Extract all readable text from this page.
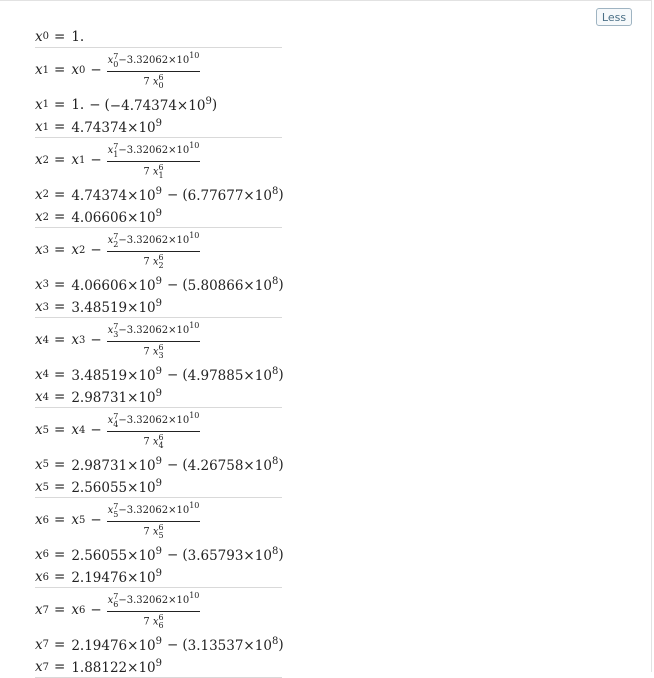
Less
x 0 = 1.
x 1 = x 0 − x 7
$0 -3.32062\times 10^{10}$
7 x 6
0
x 1 = 1. − ( $-4.74374\times 10^9$ )
x $1 = 4.74374\times 10^9$
x 2 = x 1 − x 7
$1 -3.32062\times 10^{10}$
7 x 6
1
x $2 = 4.74374\times 10^9$ − ( $6.77677\times 10^8$ )
x $2 = 4.06606\times 10^9$
x 3 = x 2 − x 7
$2 -3.32062\times 10^{10}$
7 x 6
2
x $3 = 4.06606\times 10^9$ − ( $5.80866\times 10^8$ )
x $3 = 3.48519\times 10^9$
x 4 = x 3 − x 7
$3 -3.32062\times 10^{10}$
7 x 6
3
x $4 = 3.48519\times 10^9$ − ( $4.97885\times 10^8$ )
x $4 = 2.98731\times 10^9$
x 5 = x 4 − x 7
$4 -3.32062\times 10^{10}$
7 x 6
4
x $5 = 2.98731\times 10^9$ − ( $4.26758\times 10^8$ )
x $5 = 2.56055\times 10^9$
x 6 = x 5 − x 7
$5 -3.32062\times 10^{10}$
7 x 6
5
x $6 = 2.56055\times 10^9$ − ( $3.65793\times 10^8$ )
x $6 = 2.19476\times 10^9$
x 7 = x 6 − x 7
$6 -3.32062\times 10^{10}$
7 x 6
6
x $7 = 2.19476\times 10^9$ − ( $3.13537\times 10^8$ )
x $7 = 1.88122\times 10^9$
